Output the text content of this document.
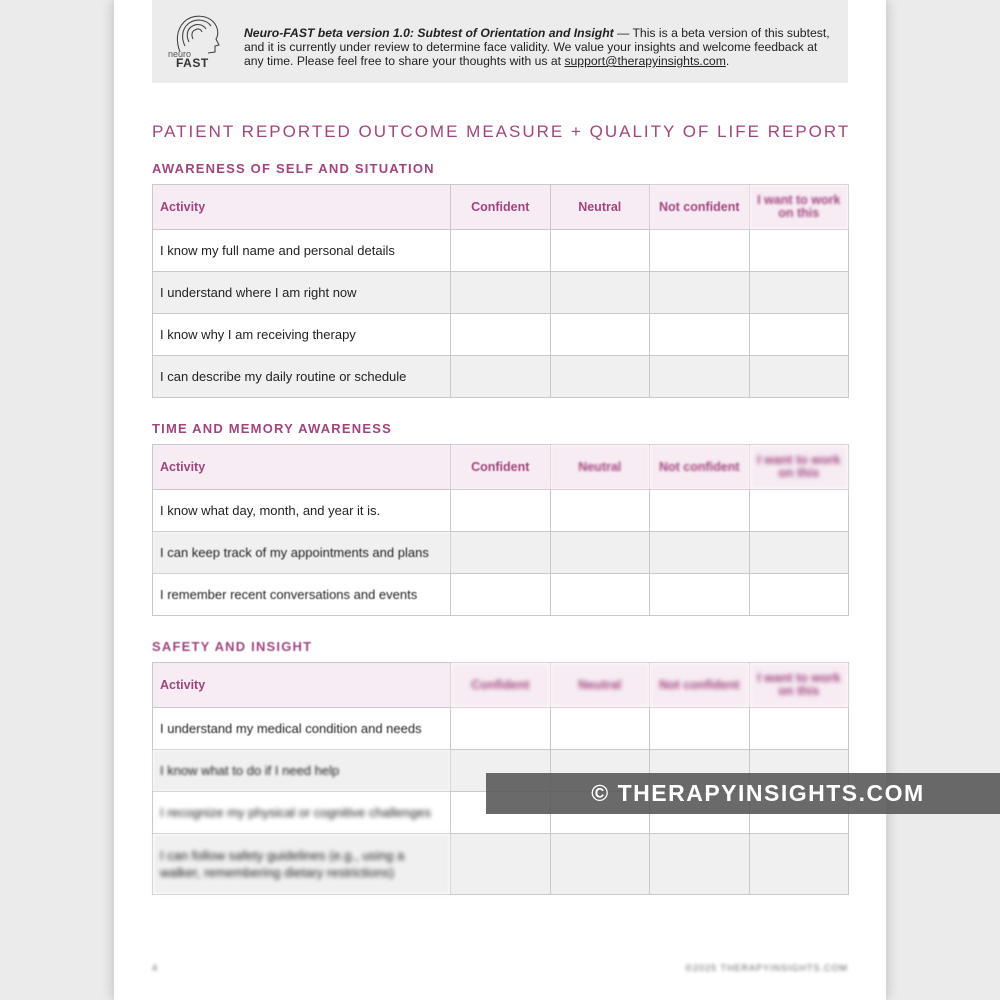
neuro
FAST
Neuro-FAST beta version 1.0: Subtest of Orientation and Insight — This is a beta version of this subtest, and it is currently under review to determine face validity. We value your insights and welcome feedback at any time. Please feel free to share your thoughts with us at support@therapyinsights.com.
PATIENT REPORTED OUTCOME MEASURE + QUALITY OF LIFE REPORT
AWARENESS OF SELF AND SITUATION
Activity	Confident	Neutral	Not confident	I want to work on this
I know my full name and personal details				
I understand where I am right now				
I know why I am receiving therapy				
I can describe my daily routine or schedule				
TIME AND MEMORY AWARENESS
Activity	Confident	Neutral	Not confident	I want to work on this
I know what day, month, and year it is.				
I can keep track of my appointments and plans				
I remember recent conversations and events				
SAFETY AND INSIGHT
Activity	Confident	Neutral	Not confident	I want to work on this
I understand my medical condition and needs				
I know what to do if I need help				
I recognize my physical or cognitive challenges				
I can follow safety guidelines (e.g., using a walker, remembering dietary restrictions)				
4	©2025 THERAPYINSIGHTS.COM
© THERAPYINSIGHTS.COM
